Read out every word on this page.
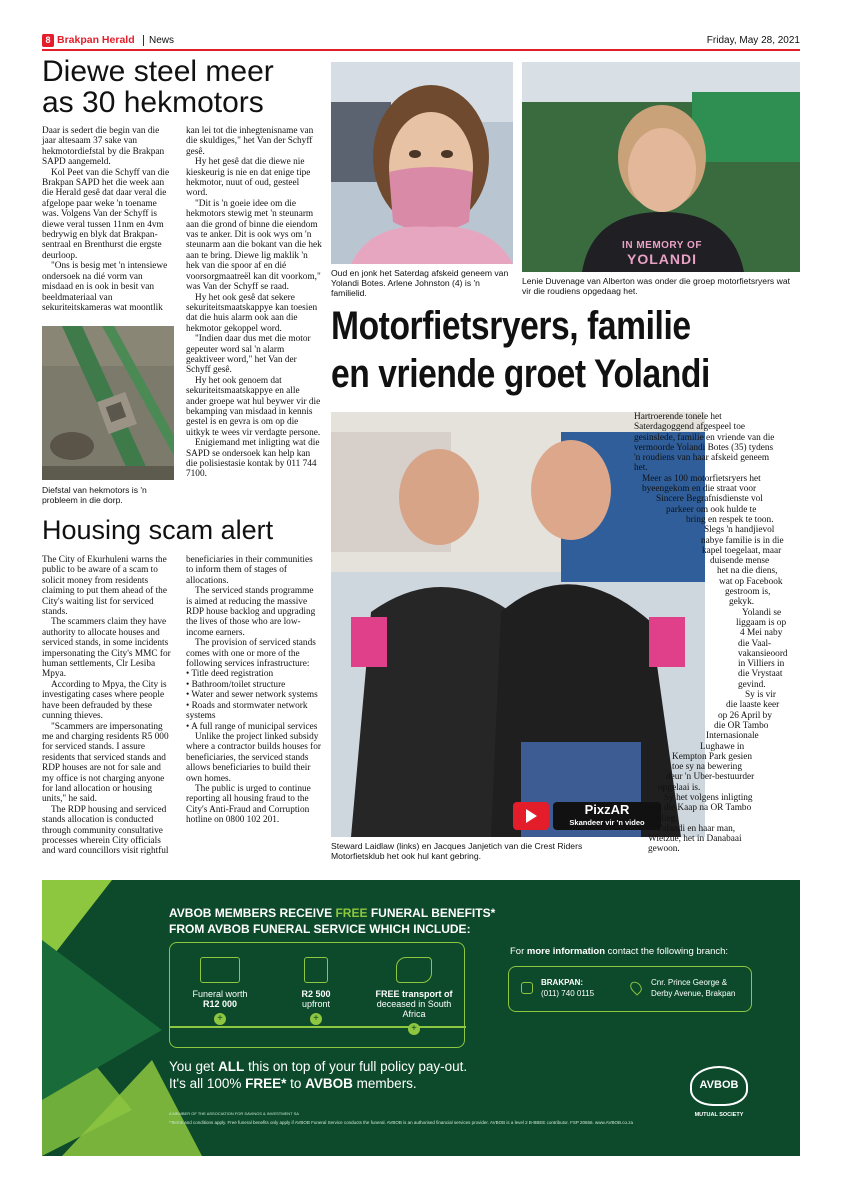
8 Brakpan Herald News	Friday, May 28, 2021
Diewe steel meer
as 30 hekmotors

Daar is sedert die begin van die jaar altesaam 37 sake van hekmotordiefstal by die Brakpan SAPD aangemeld.

Kol Peet van die Schyff van die Brakpan SAPD het die week aan die Herald gesê dat daar veral die afgelope paar weke 'n toename was. Volgens Van der Schyff is diewe veral tussen 11nm en 4vm bedrywig en blyk dat Brakpan-sentraal en Brenthurst die ergste deurloop.

"Ons is besig met 'n intensiewe ondersoek na dié vorm van misdaad en is ook in besit van beeldmateriaal van sekuriteitskameras wat moontlik

kan lei tot die inhegtenisname van die skuldiges," het Van der Schyff gesê.

Hy het gesê dat die diewe nie kieskeurig is nie en dat enige tipe hekmotor, nuut of oud, gesteel word.

"Dit is 'n goeie idee om die hekmotors stewig met 'n steunarm aan die grond of binne die eiendom vas te anker. Dit is ook wys om 'n steunarm aan die bokant van die hek aan te bring. Diewe lig maklik 'n hek van die spoor af en dié voorsorgmaatreël kan dit voorkom," was Van der Schyff se raad.

Hy het ook gesê dat sekere sekuriteitsmaatskappye kan toesien dat die huis alarm ook aan die hekmotor gekoppel word.

"Indien daar dus met die motor gepeuter word sal 'n alarm geaktiveer word," het Van der Schyff gesê.

Hy het ook genoem dat sekuriteitsmaatskappye en alle ander groepe wat hul beywer vir die bekamping van misdaad in kennis gestel is en gevra is om op die uitkyk te wees vir verdagte persone.

Enigiemand met inligting wat die SAPD se ondersoek kan help kan die polisiestasie kontak by 011 744 7100.

Diefstal van hekmotors is 'n probleem in die dorp.
Housing scam alert

The City of Ekurhuleni warns the public to be aware of a scam to solicit money from residents claiming to put them ahead of the City's waiting list for serviced stands.

The scammers claim they have authority to allocate houses and serviced stands, in some incidents impersonating the City's MMC for human settlements, Clr Lesiba Mpya.

According to Mpya, the City is investigating cases where people have been defrauded by these cunning thieves.

"Scammers are impersonating me and charging residents R5 000 for serviced stands. I assure residents that serviced stands and RDP houses are not for sale and my office is not charging anyone for land allocation or housing units," he said.

The RDP housing and serviced stands allocation is conducted through community consultative processes wherein City officials and ward councillors visit rightful

beneficiaries in their communities to inform them of stages of allocations.

The serviced stands programme is aimed at reducing the massive RDP house backlog and upgrading the lives of those who are low-income earners.

The provision of serviced stands comes with one or more of the following services infrastructure:

• Title deed registration

• Bathroom/toilet structure

• Water and sewer network systems

• Roads and stormwater network systems

• A full range of municipal services

Unlike the project linked subsidy where a contractor builds houses for beneficiaries, the serviced stands allows beneficiaries to build their own homes.

The public is urged to continue reporting all housing fraud to the City's Anti-Fraud and Corruption hotline on 0800 102 201.

Oud en jonk het Saterdag afskeid geneem van Yolandi Botes. Arlene Johnston (4) is 'n familielid.
IN MEMORY OF
YOLANDI
Lenie Duvenage van Alberton was onder die groep motorfietsryers wat vir die roudiens opgedaag het.
Motorfietsryers, familie
en vriende groet Yolandi
PixzAR
Skandeer vir 'n video
Steward Laidlaw (links) en Jacques Janjetich van die Crest Riders Motorfietsklub het ook hul kant gebring.
Hartroerende tonele het
Saterdagoggend afgespeel toe
gesinslede, familie en vriende van die
vermoorde Yolandi Botes (35) tydens
'n roudiens van haar afskeid geneem
het.
Meer as 100 motorfietsryers het
byeengekom en die straat voor
Sincere Begrafnisdienste vol
parkeer om ook hulde te
bring en respek te toon.
Slegs 'n handjievol
nabye familie is in die
kapel toegelaat, maar
duisende mense
het na die diens,
wat op Facebook
gestroom is,
gekyk.
Yolandi se
liggaam is op
4 Mei naby
die Vaal-
vakansieoord
in Villiers in
die Vrystaat
gevind.
Sy is vir
die laaste keer
op 26 April by
die OR Tambo
Internasionale
Lughawe in
Kempton Park gesien
toe sy na bewering
deur 'n Uber-bestuurder
opgelaai is.
Sy het volgens inligting
van die Kaap na OR Tambo
gevlieg.
Yolandi en haar man,
Wietzue, het in Danabaai
gewoon.
AVBOB MEMBERS RECEIVE FREE FUNERAL BENEFITS*
FROM AVBOB FUNERAL SERVICE WHICH INCLUDE:
Funeral worth
R12 000
+
R2 500
upfront
+
FREE transport of
deceased in South Africa
+
For more information contact the following branch:
BRAKPAN:
(011) 740 0115
Cnr. Prince George &
Derby Avenue, Brakpan
You get ALL this on top of your full policy pay-out.
It's all 100% FREE* to AVBOB members.	AVBOB
MUTUAL SOCIETY
A MEMBER OF THE ASSOCIATION FOR SAVINGS & INVESTMENT SA
*Terms and conditions apply. Free funeral benefits only apply if AVBOB Funeral Service conducts the funeral. AVBOB is an authorised financial services provider. AVBOB is a level 2 B-BBEE contributor. FSP 20656. www.AVBOB.co.za
